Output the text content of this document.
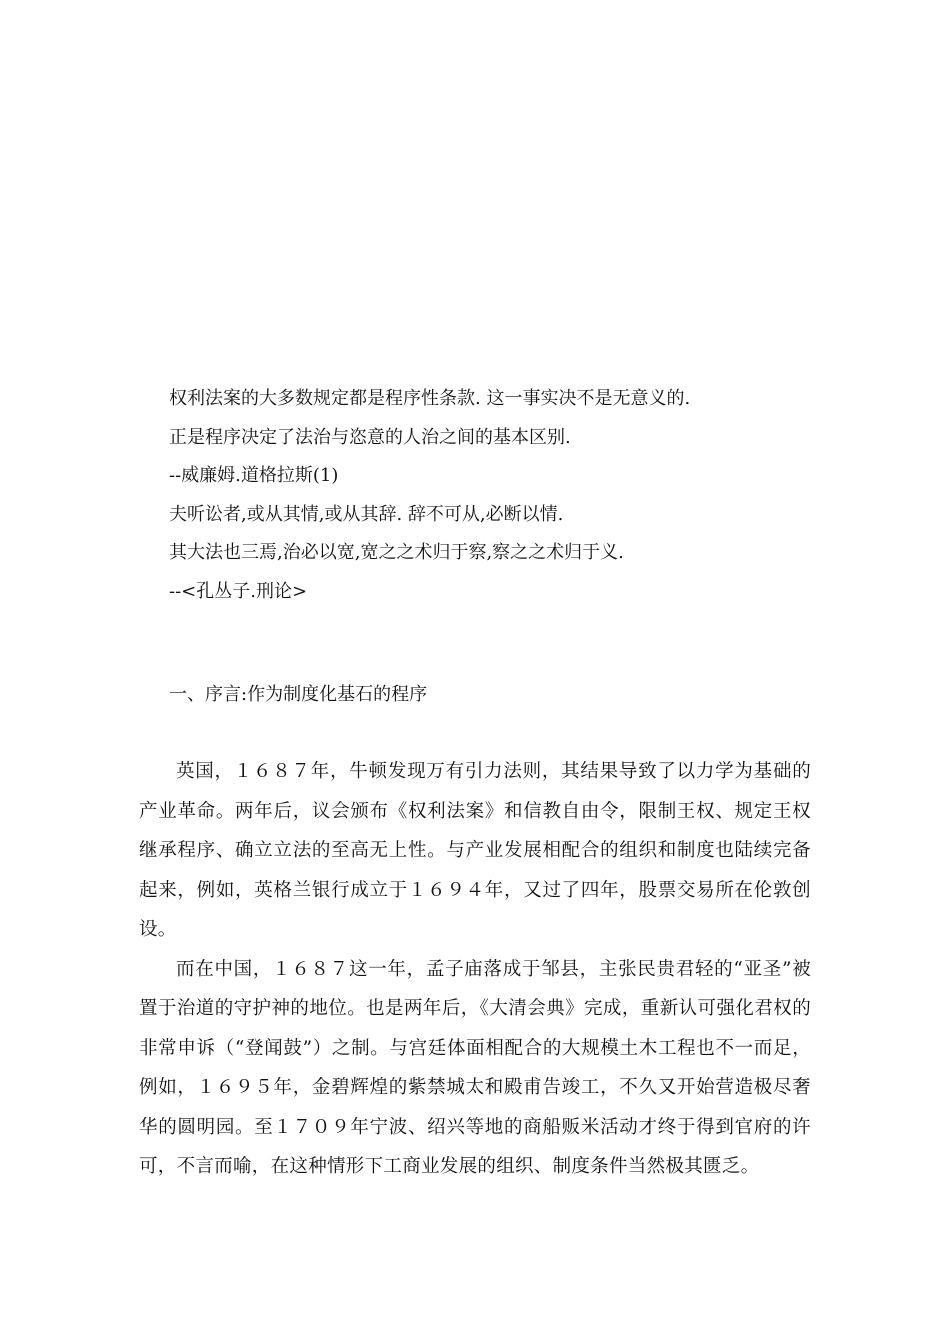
权利法案的大多数规定都是程序性条款. 这一事实决不是无意义的.
正是程序决定了法治与恣意的人治之间的基本区别.
--威廉姆.道格拉斯(1)
夫听讼者,或从其情,或从其辞. 辞不可从,必断以情.
其大法也三焉,治必以宽,宽之之术归于察,察之之术归于义.
--<孔丛子.刑论>
一、序言:作为制度化基石的程序

英国，１６８７年，牛顿发现万有引力法则，其结果导致了以力学为基础的产业革命。两年后，议会颁布《权利法案》和信教自由令，限制王权、规定王权继承程序、确立立法的至高无上性。与产业发展相配合的组织和制度也陆续完备起来，例如，英格兰银行成立于１６９４年，又过了四年，股票交易所在伦敦创设。

而在中国，１６８７这一年，孟子庙落成于邹县，主张民贵君轻的“亚圣”被置于治道的守护神的地位。也是两年后，《大清会典》完成，重新认可强化君权的非常申诉（“登闻鼓”）之制。与宫廷体面相配合的大规模土木工程也不一而足，例如，１６９５年，金碧辉煌的紫禁城太和殿甫告竣工，不久又开始营造极尽奢华的圆明园。至１７０９年宁波、绍兴等地的商船贩米活动才终于得到官府的许可，不言而喻，在这种情形下工商业发展的组织、制度条件当然极其匮乏。
